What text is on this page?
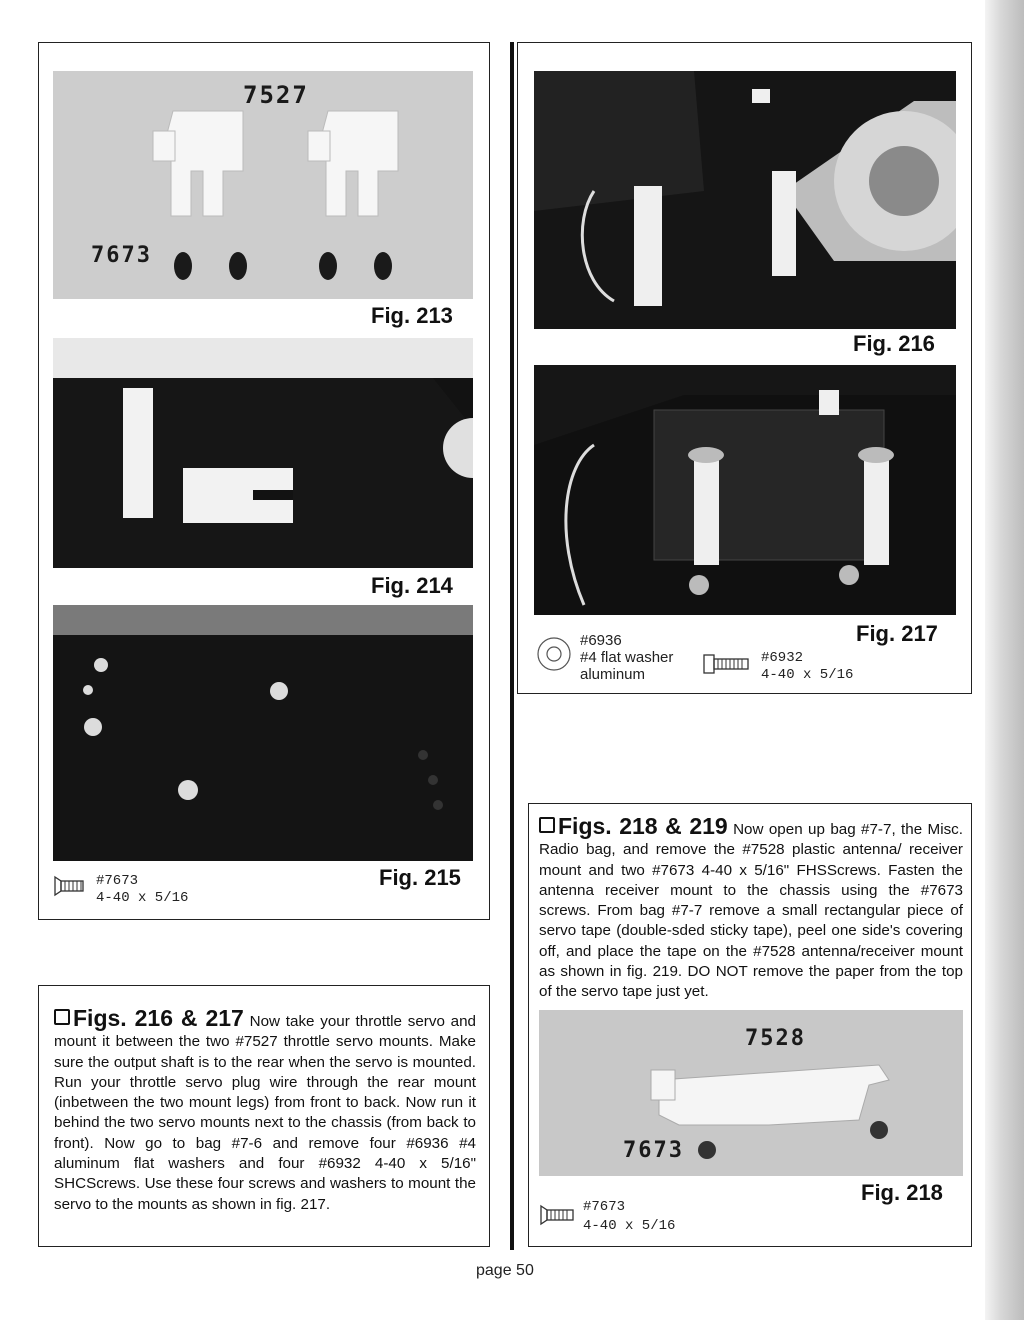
7527
7673
Fig. 213
Fig. 214
#7673
4-40 x 5/16
Fig. 215
Figs. 216 & 217 Now take your throttle servo and mount it between the two #7527 throttle servo mounts. Make sure the output shaft is to the rear when the servo is mounted. Run your throttle servo plug wire through the rear mount (inbetween the two mount legs) from front to back. Now run it behind the two servo mounts next to the chassis (from back to front). Now go to bag #7-6 and remove four #6936 #4 aluminum flat washers and four #6932 4-40 x 5/16" SHCScrews. Use these four screws and washers to mount the servo to the mounts as shown in fig. 217.
Fig. 216
#6936
#4 flat washer
aluminum
#6932
4-40 x 5/16
Fig. 217
Figs. 218 & 219 Now open up bag #7-7, the Misc. Radio bag, and remove the #7528 plastic antenna/ receiver mount and two #7673 4-40 x 5/16" FHSScrews. Fasten the antenna receiver mount to the chassis using the #7673 screws. From bag #7-7 remove a small rectangular piece of servo tape (double-sded sticky tape), peel one side's covering off, and place the tape on the #7528 antenna/receiver mount as shown in fig. 219. DO NOT remove the paper from the top of the servo tape just yet.
7528
7673
#7673
4-40 x 5/16
Fig. 218
page 50
